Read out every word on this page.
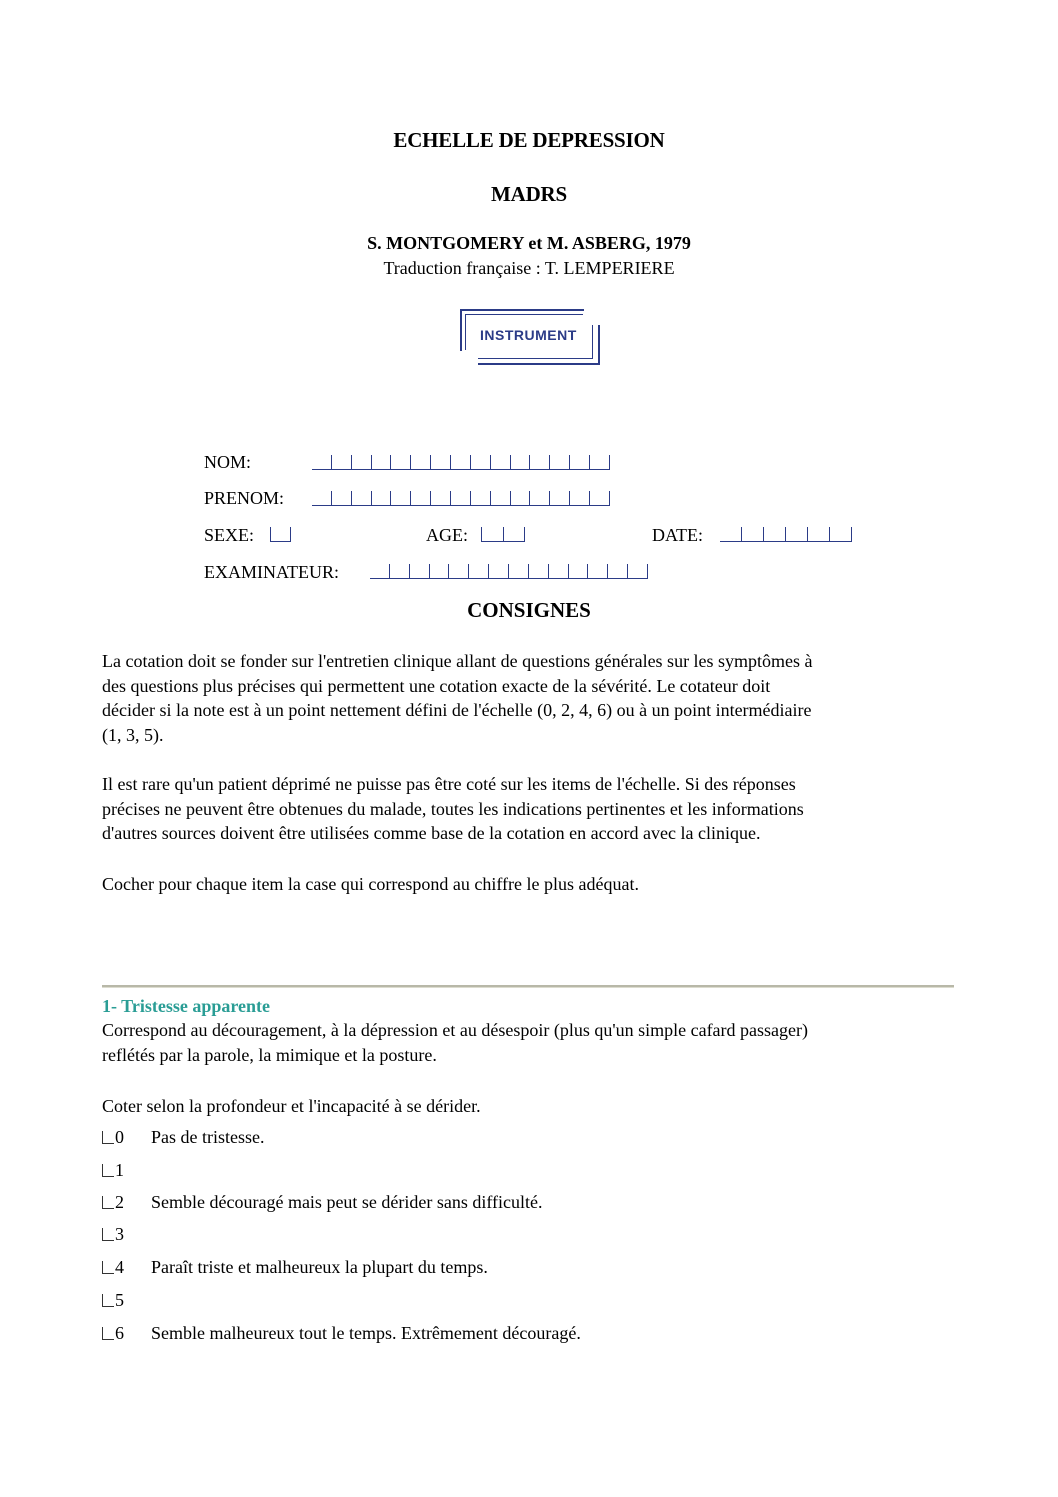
ECHELLE DE DEPRESSION
MADRS
S. MONTGOMERY et M. ASBERG, 1979
Traduction française : T. LEMPERIERE
INSTRUMENT
NOM:
PRENOM:
SEXE:	AGE:	DATE:
EXAMINATEUR:
CONSIGNES
La cotation doit se fonder sur l'entretien clinique allant de questions générales sur les symptômes à
des questions plus précises qui permettent une cotation exacte de la sévérité. Le cotateur doit
décider si la note est à un point nettement défini de l'échelle (0, 2, 4, 6) ou à un point intermédiaire
(1, 3, 5).
Il est rare qu'un patient déprimé ne puisse pas être coté sur les items de l'échelle. Si des réponses
précises ne peuvent être obtenues du malade, toutes les indications pertinentes et les informations
d'autres sources doivent être utilisées comme base de la cotation en accord avec la clinique.
Cocher pour chaque item la case qui correspond au chiffre le plus adéquat.
1- Tristesse apparente
Correspond au découragement, à la dépression et au désespoir (plus qu'un simple cafard passager)
reflétés par la parole, la mimique et la posture.
Coter selon la profondeur et l'incapacité à se dérider.
0	Pas de tristesse.
1
2	Semble découragé mais peut se dérider sans difficulté.
3
4	Paraît triste et malheureux la plupart du temps.
5
6	Semble malheureux tout le temps. Extrêmement découragé.
